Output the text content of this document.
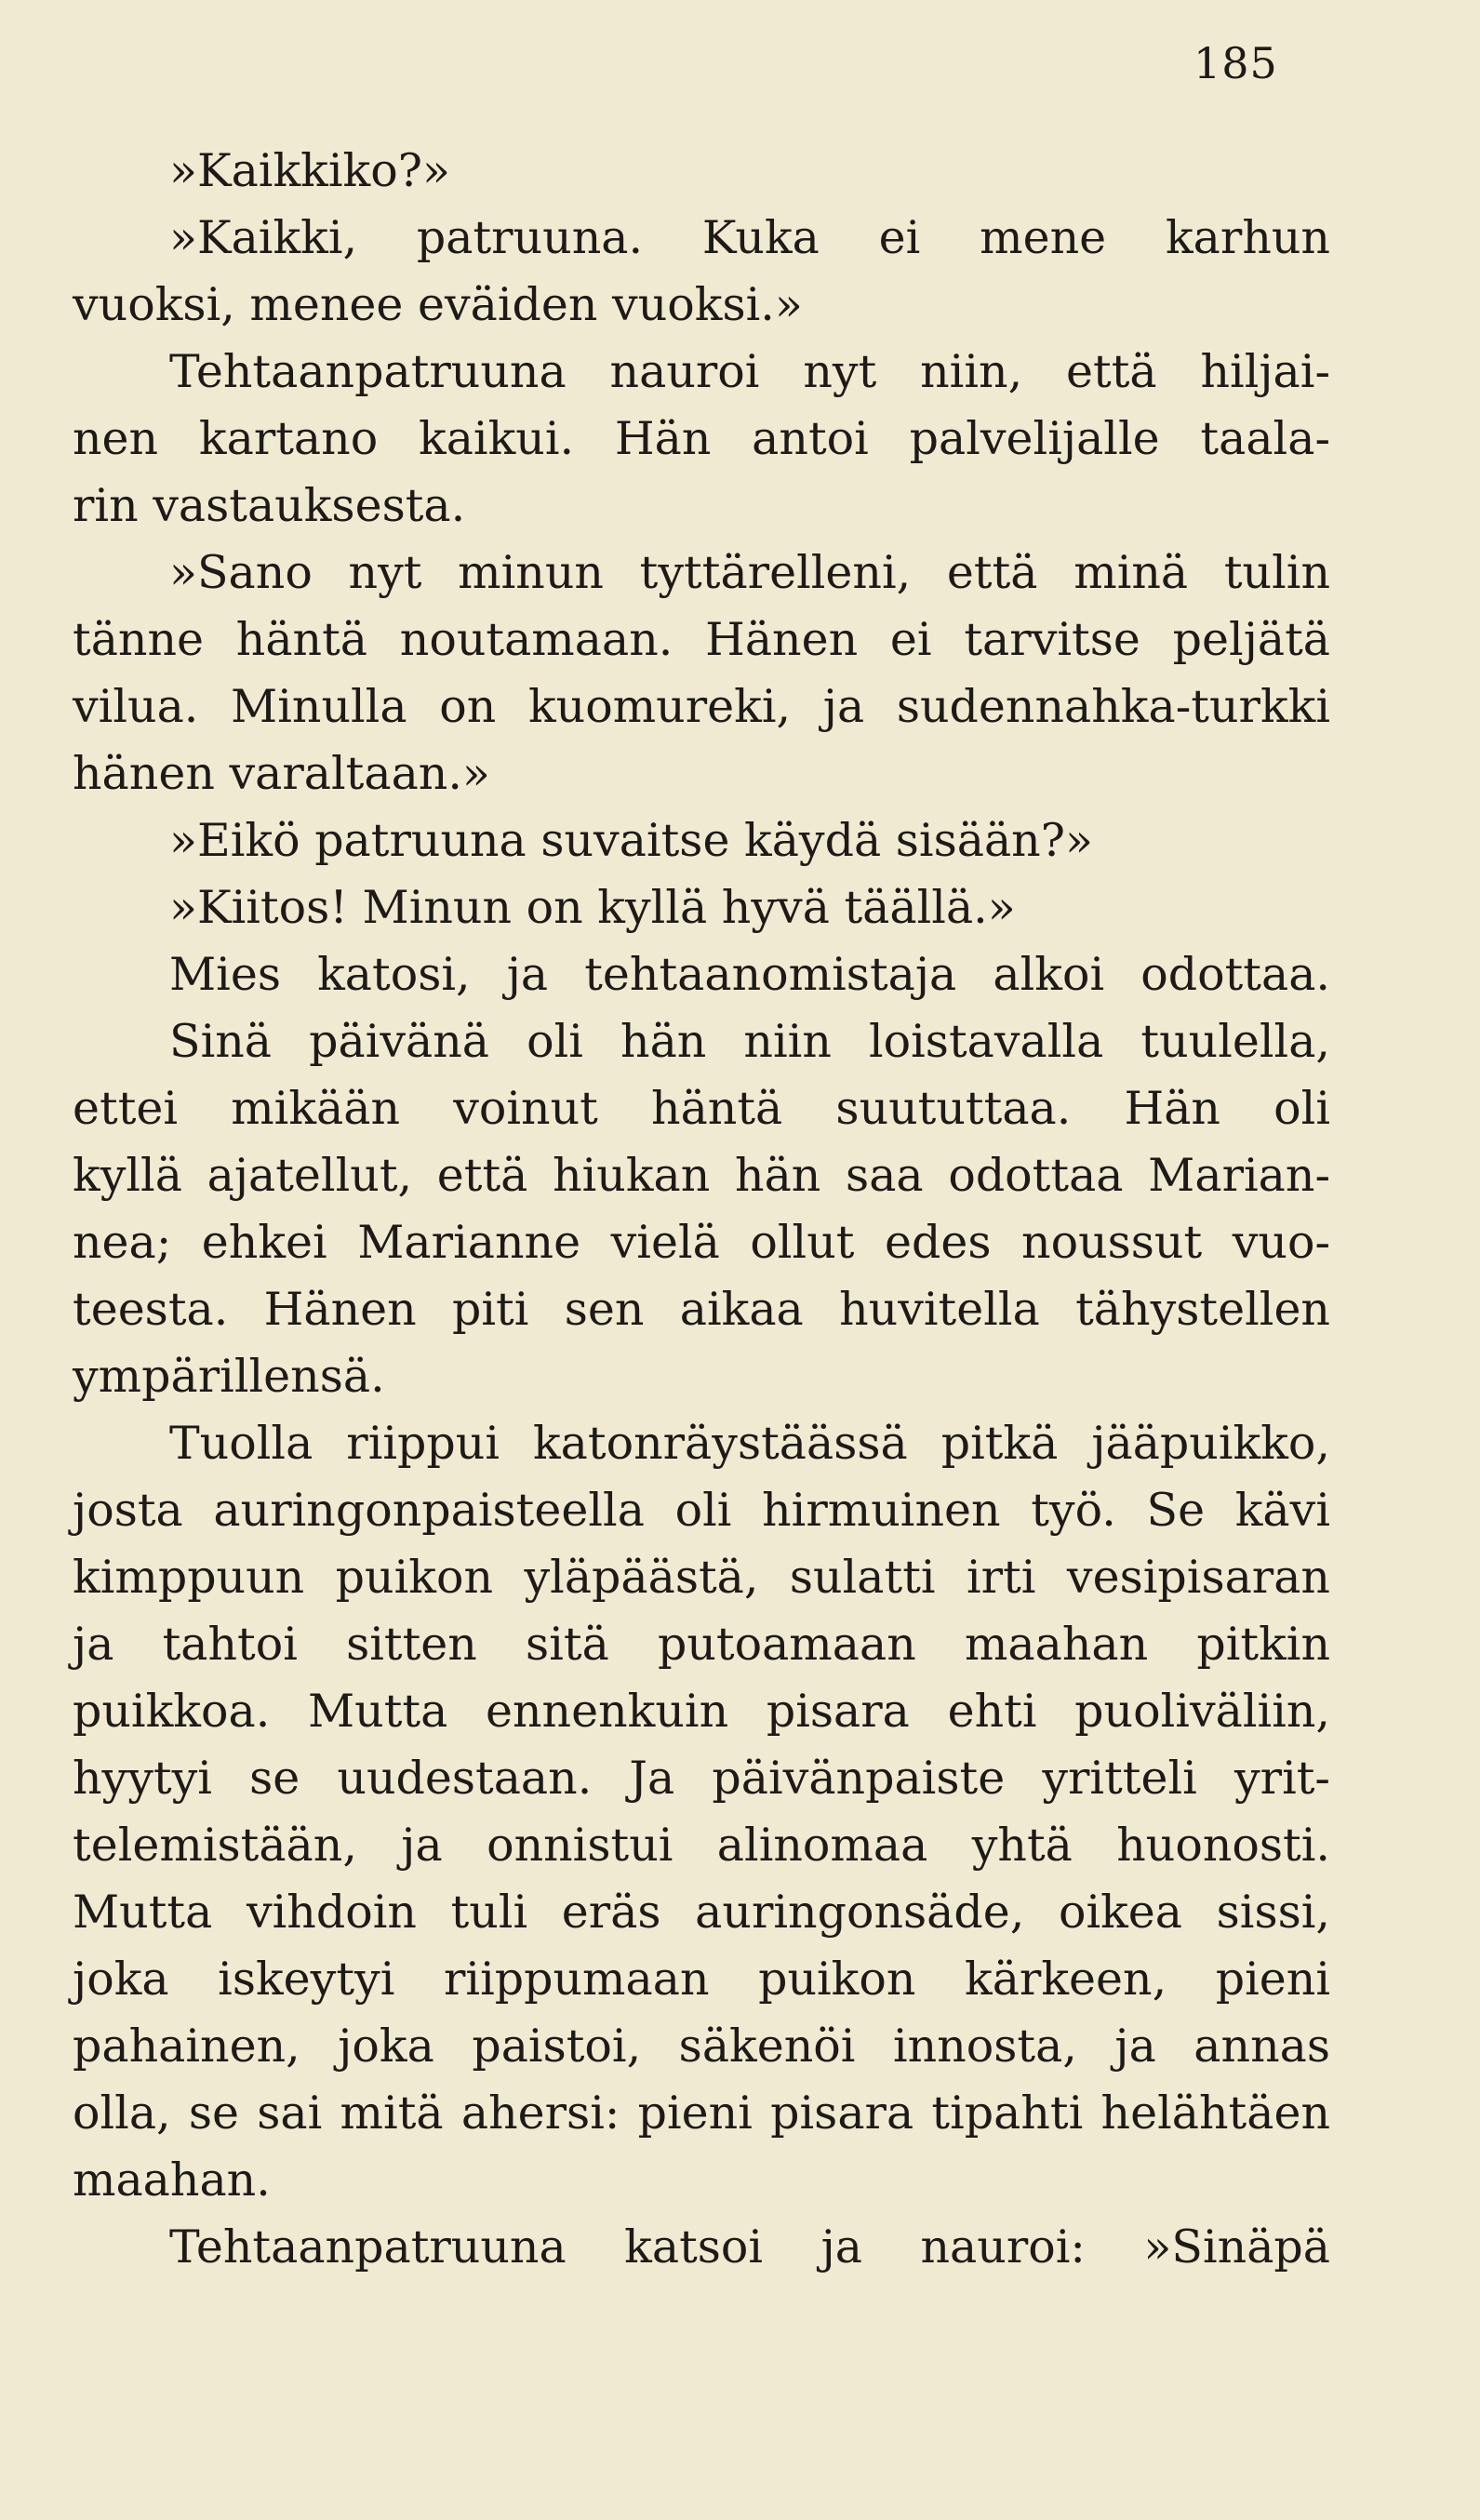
185
»Kaikkiko?»
»Kaikki, patruuna. Kuka ei mene karhun
vuoksi, menee eväiden vuoksi.»
Tehtaanpatruuna nauroi nyt niin, että hiljai-
nen kartano kaikui. Hän antoi palvelijalle taala-
rin vastauksesta.
»Sano nyt minun tyttärelleni, että minä tulin
tänne häntä noutamaan. Hänen ei tarvitse peljätä
vilua. Minulla on kuomureki, ja sudennahka-turkki
hänen varaltaan.»
»Eikö patruuna suvaitse käydä sisään?»
»Kiitos! Minun on kyllä hyvä täällä.»
Mies katosi, ja tehtaanomistaja alkoi odottaa.
Sinä päivänä oli hän niin loistavalla tuulella,
ettei mikään voinut häntä suututtaa. Hän oli
kyllä ajatellut, että hiukan hän saa odottaa Marian-
nea; ehkei Marianne vielä ollut edes noussut vuo-
teesta. Hänen piti sen aikaa huvitella tähystellen
ympärillensä.
Tuolla riippui katonräystäässä pitkä jääpuikko,
josta auringonpaisteella oli hirmuinen työ. Se kävi
kimppuun puikon yläpäästä, sulatti irti vesipisaran
ja tahtoi sitten sitä putoamaan maahan pitkin
puikkoa. Mutta ennenkuin pisara ehti puoliväliin,
hyytyi se uudestaan. Ja päivänpaiste yritteli yrit-
telemistään, ja onnistui alinomaa yhtä huonosti.
Mutta vihdoin tuli eräs auringonsäde, oikea sissi,
joka iskeytyi riippumaan puikon kärkeen, pieni
pahainen, joka paistoi, säkenöi innosta, ja annas
olla, se sai mitä ahersi: pieni pisara tipahti helähtäen
maahan.
Tehtaanpatruuna katsoi ja nauroi: »Sinäpä
